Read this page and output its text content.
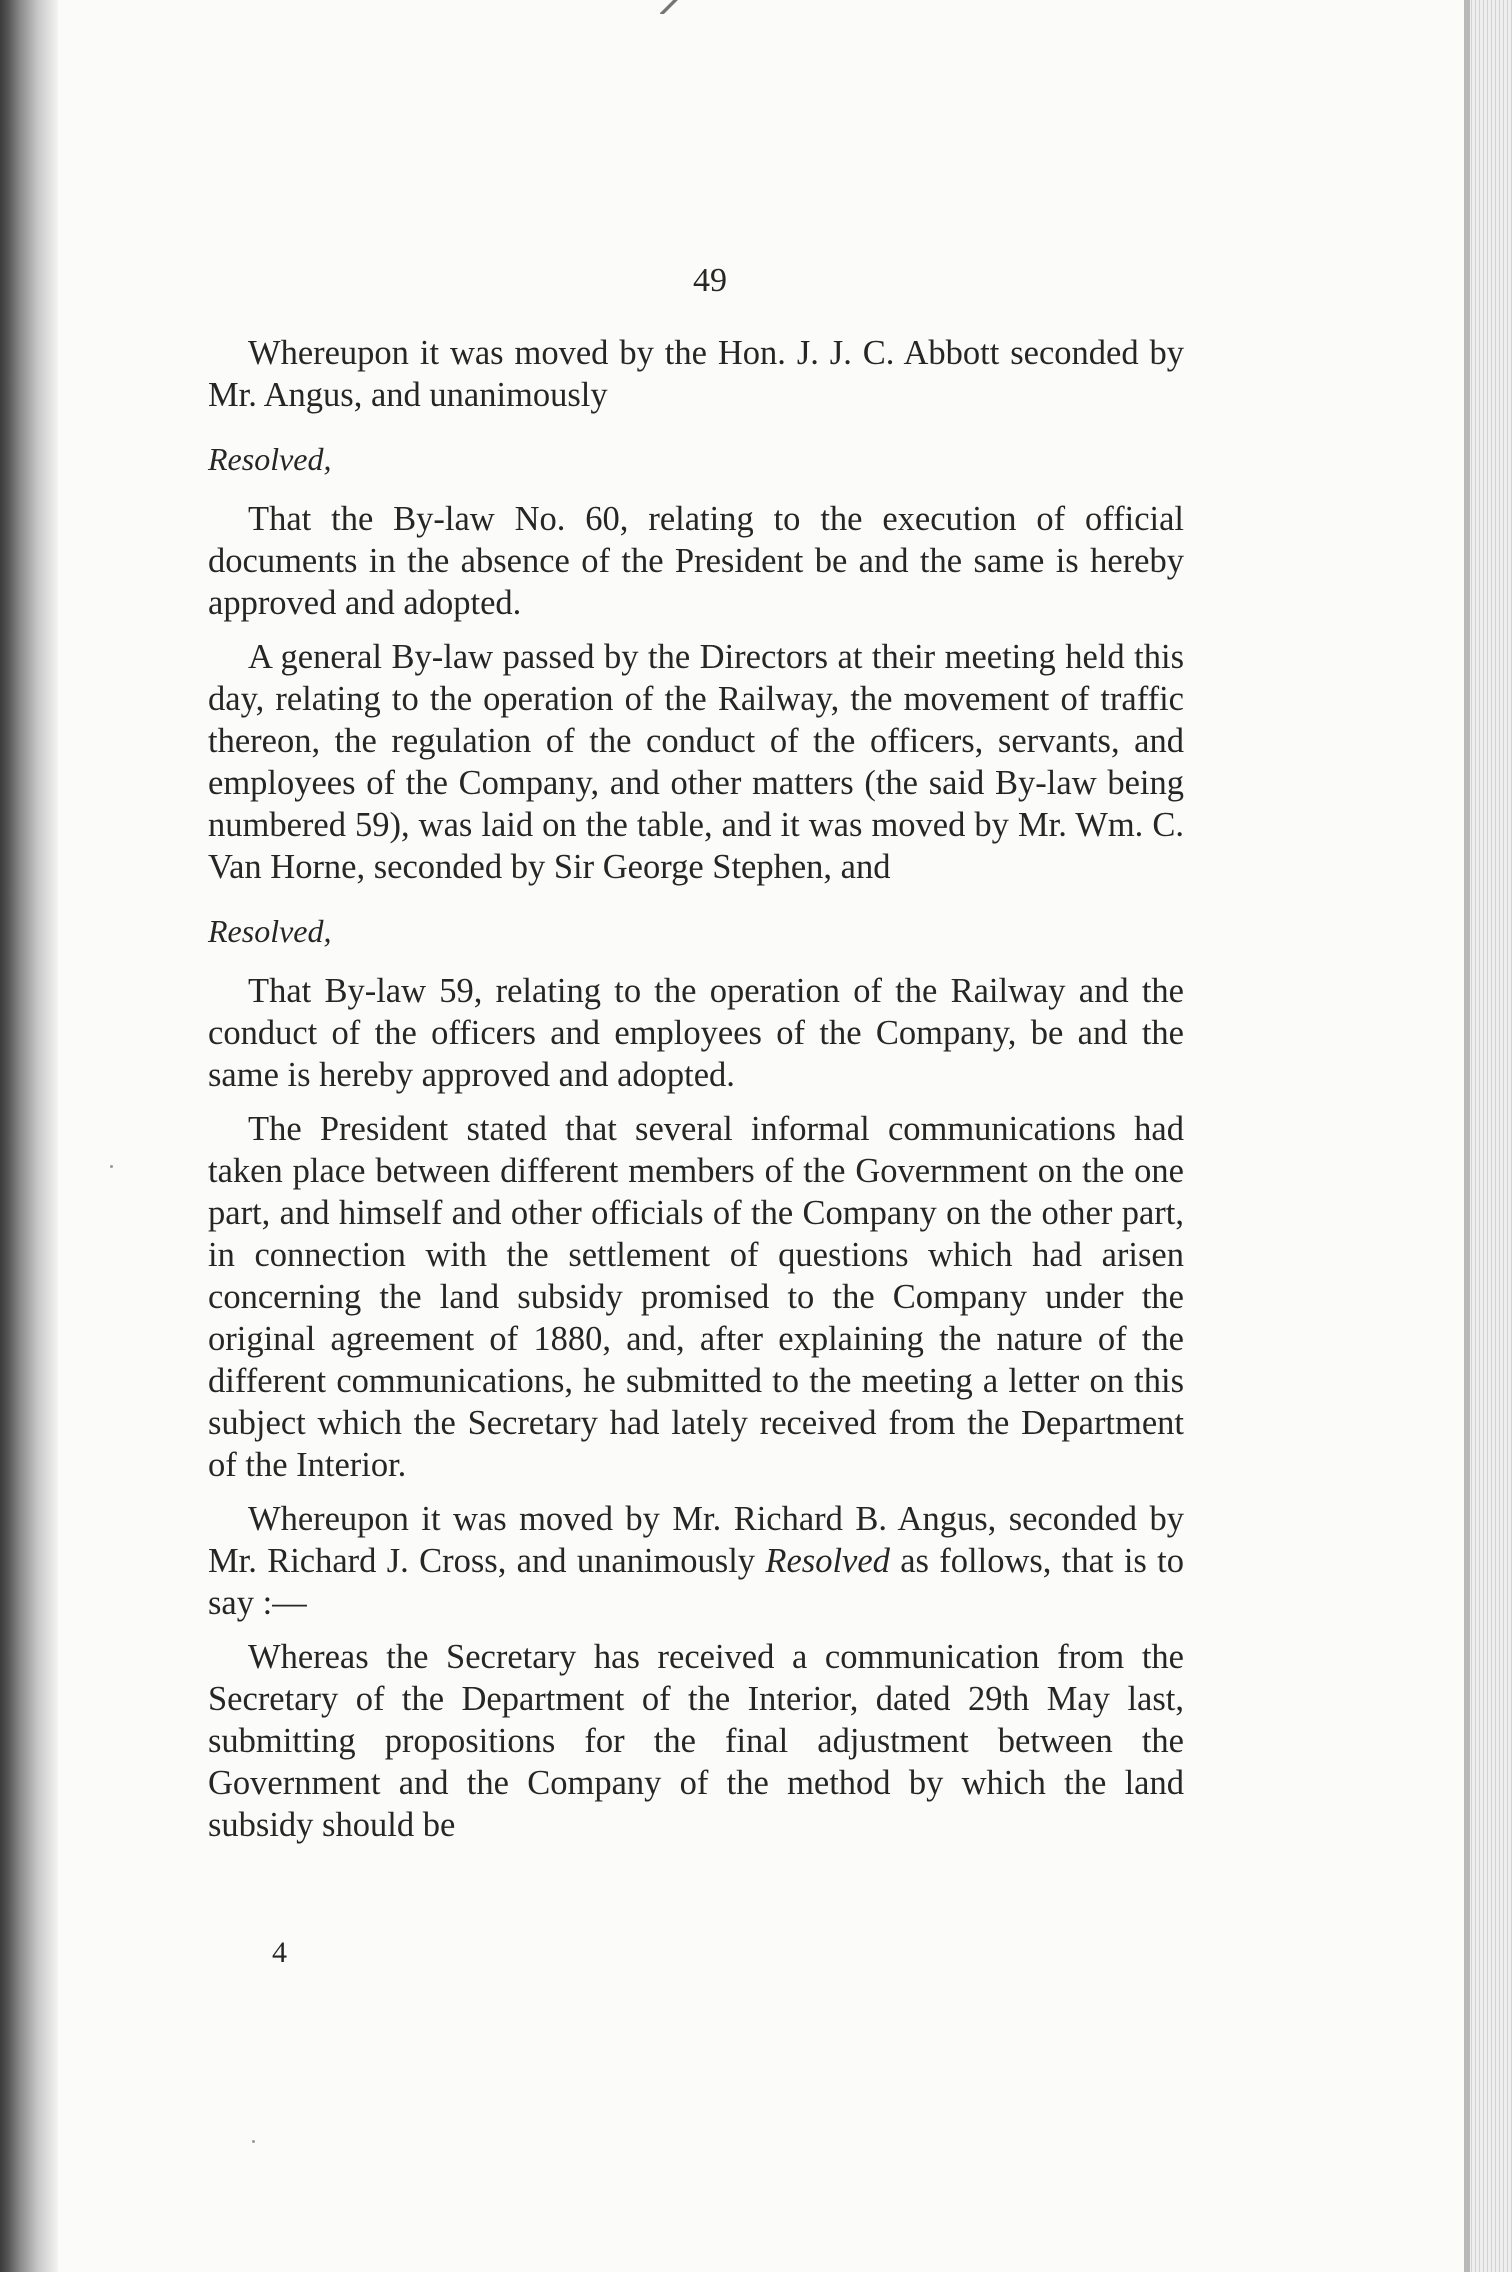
49

Whereupon it was moved by the Hon. J. J. C. Abbott seconded by Mr. Angus, and unanimously

Resolved,

That the By-law No. 60, relating to the execution of official documents in the absence of the President be and the same is hereby approved and adopted.

A general By-law passed by the Directors at their meeting held this day, relating to the operation of the Railway, the movement of traffic thereon, the regulation of the conduct of the officers, servants, and employees of the Company, and other matters (the said By-law being numbered 59), was laid on the table, and it was moved by Mr. Wm. C. Van Horne, seconded by Sir George Stephen, and

Resolved,

That By-law 59, relating to the operation of the Railway and the conduct of the officers and employees of the Company, be and the same is hereby approved and adopted.

The President stated that several informal communications had taken place between different members of the Government on the one part, and himself and other officials of the Company on the other part, in connection with the settlement of questions which had arisen concerning the land subsidy promised to the Company under the original agreement of 1880, and, after explaining the nature of the different communications, he submitted to the meeting a letter on this subject which the Secretary had lately received from the Department of the Interior.

Whereupon it was moved by Mr. Richard B. Angus, seconded by Mr. Richard J. Cross, and unanimously Resolved as follows, that is to say :—

Whereas the Secretary has received a communication from the Secretary of the Department of the Interior, dated 29th May last, submitting propositions for the final adjustment between the Government and the Company of the method by which the land subsidy should be

4
